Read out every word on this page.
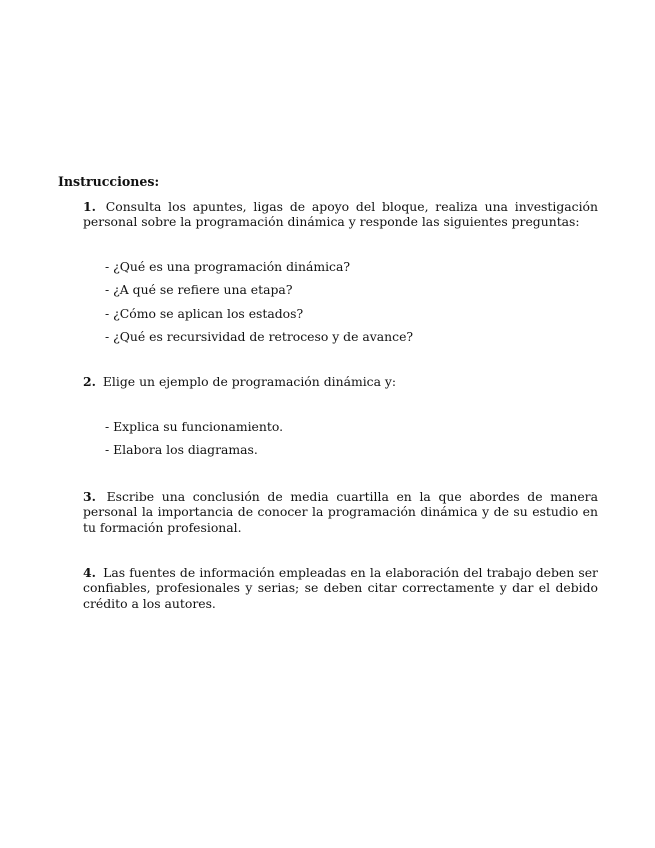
Instrucciones:

1. Consulta los apuntes, ligas de apoyo del bloque, realiza una investigación personal sobre la programación dinámica y responde las siguientes preguntas:

- ¿Qué es una programación dinámica?
- ¿A qué se refiere una etapa?
- ¿Cómo se aplican los estados?
- ¿Qué es recursividad de retroceso y de avance?

2. Elige un ejemplo de programación dinámica y:

- Explica su funcionamiento.
- Elabora los diagramas.

3. Escribe una conclusión de media cuartilla en la que abordes de manera personal la importancia de conocer la programación dinámica y de su estudio en tu formación profesional.

4. Las fuentes de información empleadas en la elaboración del trabajo deben ser confiables, profesionales y serias; se deben citar correctamente y dar el debido crédito a los autores.
